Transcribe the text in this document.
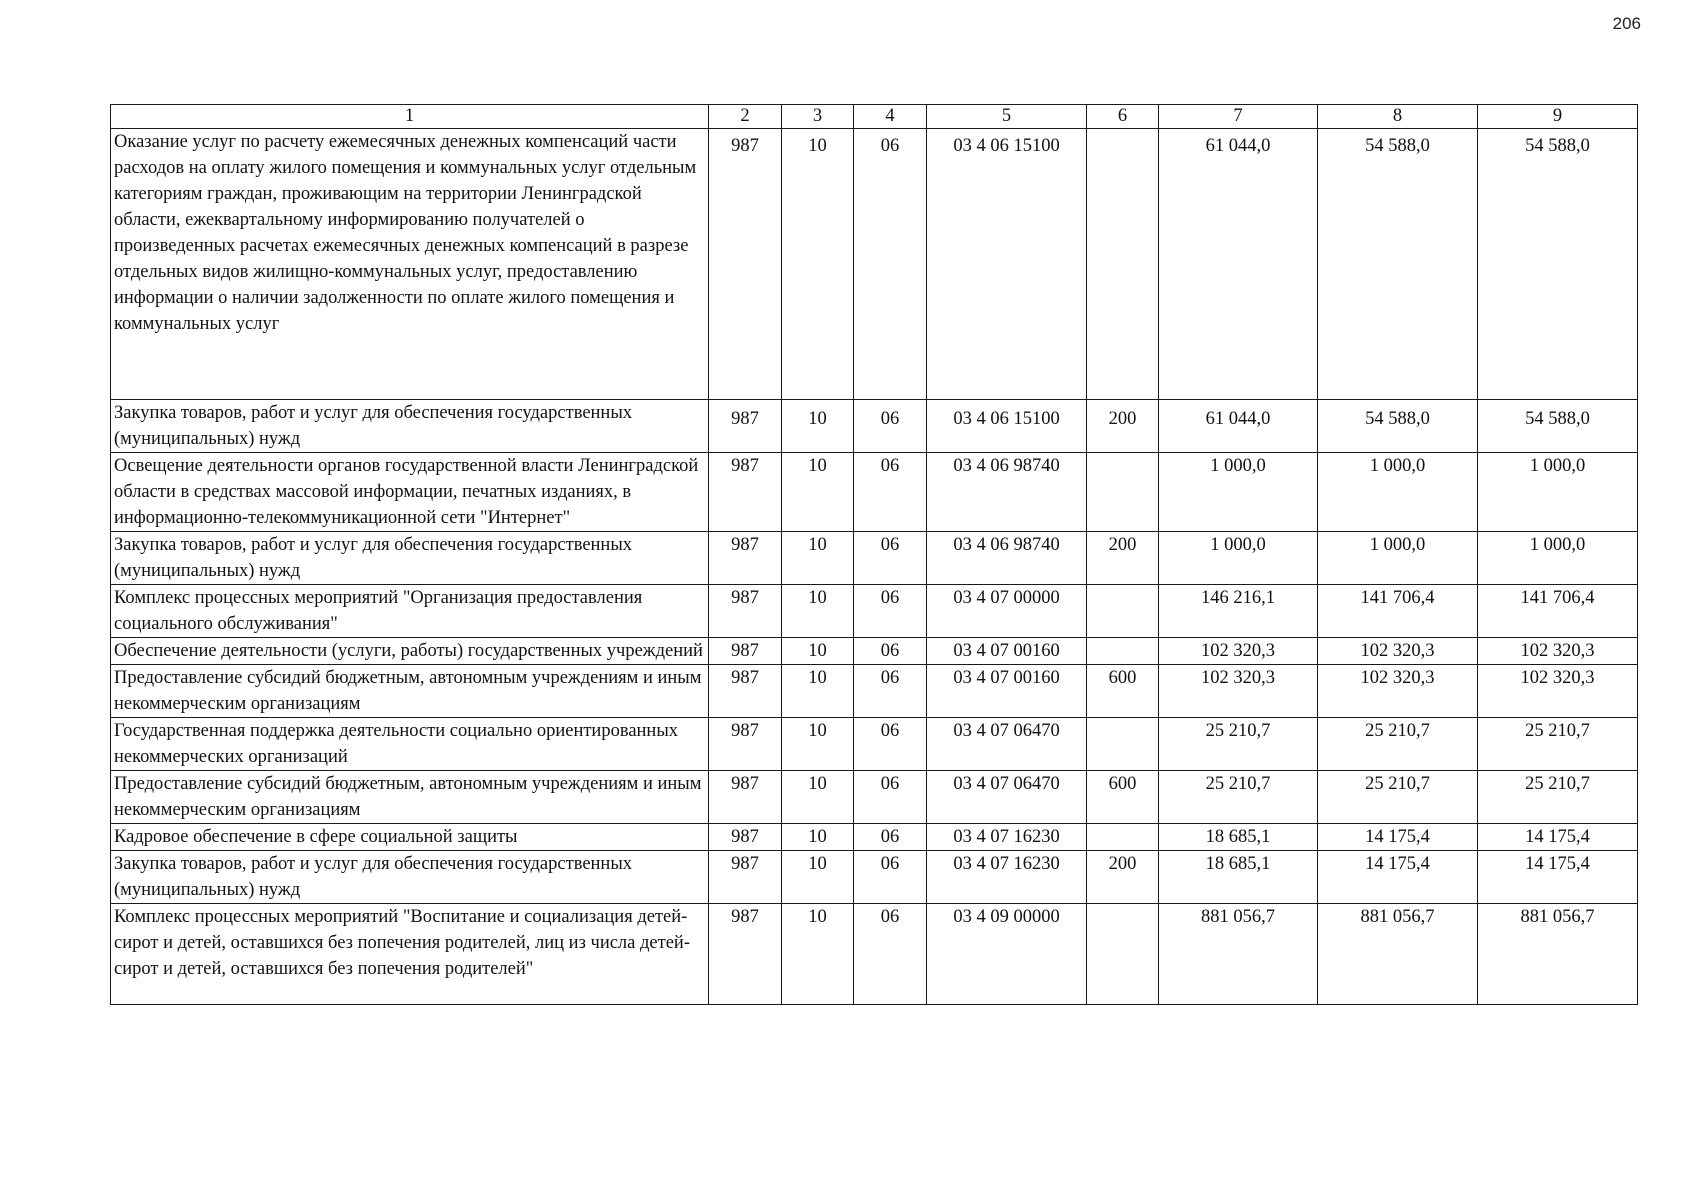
206
1	2	3	4	5	6	7	8	9
Оказание услуг по расчету ежемесячных денежных компенсаций части расходов на оплату жилого помещения и коммунальных услуг отдельным категориям граждан, проживающим на территории Ленинградской области, ежеквартальному информированию получателей о произведенных расчетах ежемесячных денежных компенсаций в разрезе отдельных видов жилищно-коммунальных услуг, предоставлению информации о наличии задолженности по оплате жилого помещения и коммунальных услуг	987	10	06	03 4 06 15100		61 044,0	54 588,0	54 588,0
Закупка товаров, работ и услуг для обеспечения государственных (муниципальных) нужд	987	10	06	03 4 06 15100	200	61 044,0	54 588,0	54 588,0
Освещение деятельности органов государственной власти Ленинградской области в средствах массовой информации, печатных изданиях, в информационно-телекоммуникационной сети "Интернет"	987	10	06	03 4 06 98740		1 000,0	1 000,0	1 000,0
Закупка товаров, работ и услуг для обеспечения государственных (муниципальных) нужд	987	10	06	03 4 06 98740	200	1 000,0	1 000,0	1 000,0
Комплекс процессных мероприятий "Организация предоставления социального обслуживания"	987	10	06	03 4 07 00000		146 216,1	141 706,4	141 706,4
Обеспечение деятельности (услуги, работы) государственных учреждений	987	10	06	03 4 07 00160		102 320,3	102 320,3	102 320,3
Предоставление субсидий бюджетным, автономным учреждениям и иным некоммерческим организациям	987	10	06	03 4 07 00160	600	102 320,3	102 320,3	102 320,3
Государственная поддержка деятельности социально ориентированных некоммерческих организаций	987	10	06	03 4 07 06470		25 210,7	25 210,7	25 210,7
Предоставление субсидий бюджетным, автономным учреждениям и иным некоммерческим организациям	987	10	06	03 4 07 06470	600	25 210,7	25 210,7	25 210,7
Кадровое обеспечение в сфере социальной защиты	987	10	06	03 4 07 16230		18 685,1	14 175,4	14 175,4
Закупка товаров, работ и услуг для обеспечения государственных (муниципальных) нужд	987	10	06	03 4 07 16230	200	18 685,1	14 175,4	14 175,4
Комплекс процессных мероприятий "Воспитание и социализация детей-сирот и детей, оставшихся без попечения родителей, лиц из числа детей-сирот и детей, оставшихся без попечения родителей"	987	10	06	03 4 09 00000		881 056,7	881 056,7	881 056,7
